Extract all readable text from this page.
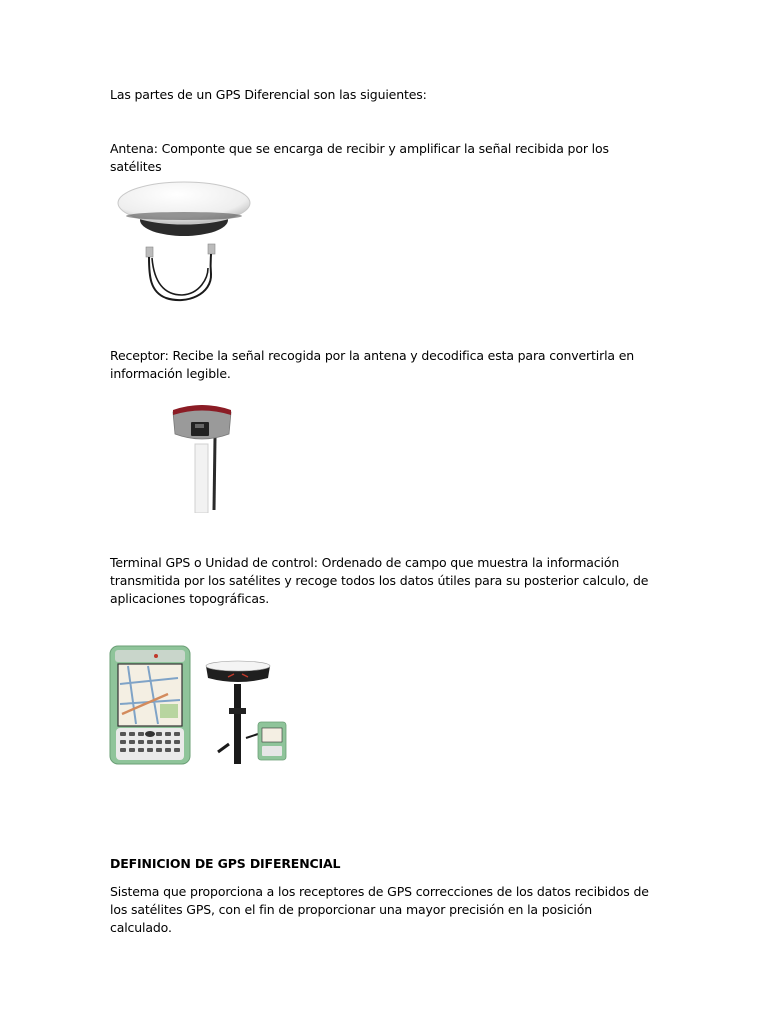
Las partes de un GPS Diferencial son las siguientes:
Antena: Componte que se encarga de recibir y amplificar la señal recibida por los satélites
Receptor: Recibe la señal recogida por la antena y decodifica esta para convertirla en información legible.
Terminal GPS o Unidad de control: Ordenado de campo que muestra la información transmitida por los satélites y recoge todos los datos útiles para su posterior calculo, de aplicaciones topográficas.
DEFINICION DE GPS DIFERENCIAL
Sistema que proporciona a los receptores de GPS correcciones de los datos recibidos de los satélites GPS, con el fin de proporcionar una mayor precisión en la posición calculado.
